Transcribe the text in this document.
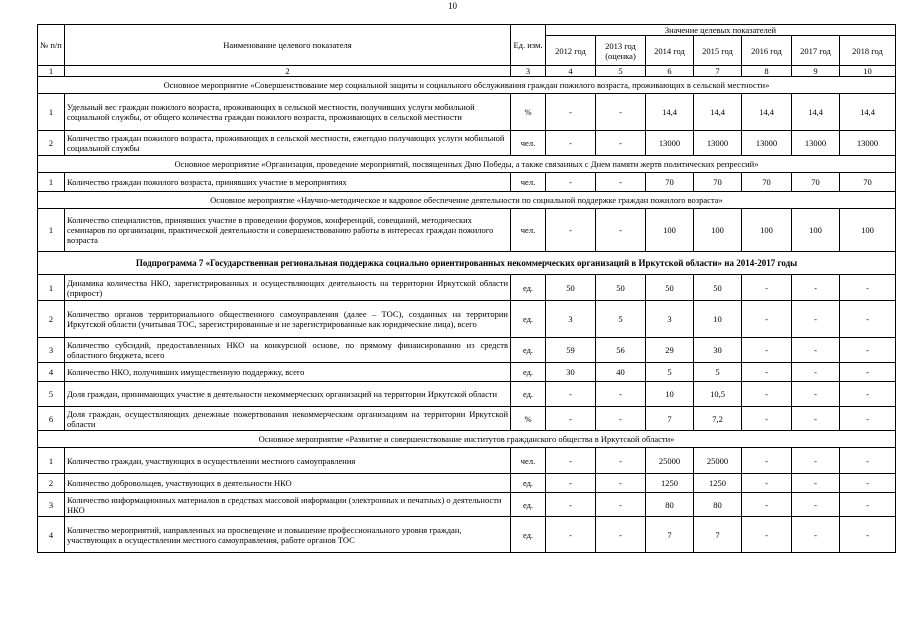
10
№ п/п	Наименование целевого показателя	Ед. изм.	Значение целевых показателей						
			2012 год	2013 год (оценка)	2014 год	2015 год	2016 год	2017 год	2018 год
1	2	3	4	5	6	7	8	9	10
Основное мероприятие «Совершенствование мер социальной защиты и социального обслуживания граждан пожилого возраста, проживающих в сельской местности»									
1	Удельный вес граждан пожилого возраста, проживающих в сельской местности, получивших услуги мобильной социальной службы, от общего количества граждан пожилого возраста, проживающих в сельской местности	%	-	-	14,4	14,4	14,4	14,4	14,4
2	Количество граждан пожилого возраста, проживающих в сельской местности, ежегодно получающих услуги мобильной социальной службы	чел.	-	-	13000	13000	13000	13000	13000
Основное мероприятие «Организация, проведение мероприятий, посвященных Дню Победы, а также связанных с Днем памяти жертв политических репрессий»									
1	Количество граждан пожилого возраста, принявших участие в мероприятиях	чел.	-	-	70	70	70	70	70
Основное мероприятие «Научно-методическое и кадровое обеспечение деятельности по социальной поддержке граждан пожилого возраста»									
1	Количество специалистов, принявших участие в проведении форумов, конференций, совещаний, методических семинаров по организации, практической деятельности и совершенствованию работы в интересах граждан пожилого возраста	чел.	-	-	100	100	100	100	100
Подпрограмма 7 «Государственная региональная поддержка социально ориентированных некоммерческих организаций в Иркутской области» на 2014-2017 годы									
1	Динамика количества НКО, зарегистрированных и осуществляющих деятельность на территории Иркутской области (прирост)	ед.	50	50	50	50	-	-	-
2	Количество органов территориального общественного самоуправления (далее – ТОС), созданных на территории Иркутской области (учитывая ТОС, зарегистрированные и не зарегистрированные как юридические лица), всего	ед.	3	5	3	10	-	-	-
3	Количество субсидий, предоставленных НКО на конкурсной основе, по прямому финансированию из средств областного бюджета, всего	ед.	59	56	29	30	-	-	-
4	Количество НКО, получивших имущественную поддержку, всего	ед.	30	40	5	5	-	-	-
5	Доля граждан, принимающих участие в деятельности некоммерческих организаций на территории Иркутской области	ед.	-	-	10	10,5	-	-	-
6	Доля граждан, осуществляющих денежные пожертвования некоммерческим организациям на территории Иркутской области	%	-	-	7	7,2	-	-	-
Основное мероприятие «Развитие и совершенствование институтов гражданского общества в Иркутской области»									
1	Количество граждан, участвующих в осуществлении местного самоуправления	чел.	-	-	25000	25000	-	-	-
2	Количество добровольцев, участвующих в деятельности НКО	ед.	-	-	1250	1250	-	-	-
3	Количество информационных материалов в средствах массовой информации (электронных и печатных) о деятельности НКО	ед.	-	-	80	80	-	-	-
4	Количество мероприятий, направленных на просвещение и повышение профессионального уровня граждан, участвующих в осуществлении местного самоуправления, работе органов ТОС	ед.	-	-	7	7	-	-	-
